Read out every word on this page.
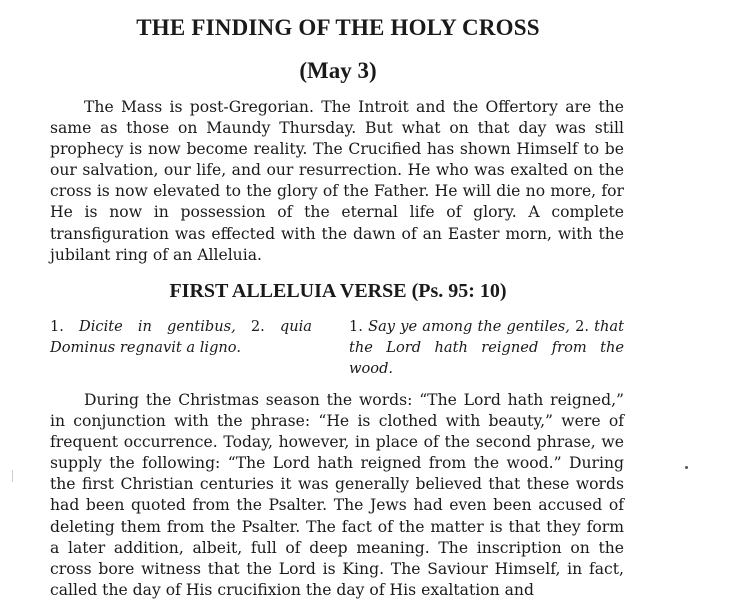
THE FINDING OF THE HOLY CROSS
(May 3)

The Mass is post-Gregorian. The Introit and the Offertory are the same as those on Maundy Thursday. But what on that day was still prophecy is now become reality. The Crucified has shown Himself to be our salvation, our life, and our resurrection. He who was exalted on the cross is now elevated to the glory of the Father. He will die no more, for He is now in possession of the eternal life of glory. A complete transfiguration was effected with the dawn of an Easter morn, with the jubilant ring of an Alleluia.

FIRST ALLELUIA VERSE (Ps. 95: 10)

1. Dicite in gentibus, 2. quia Dominus regnavit a ligno.

1. Say ye among the gentiles, 2. that the Lord hath reigned from the wood.

During the Christmas season the words: “The Lord hath reigned,” in conjunction with the phrase: “He is clothed with beauty,” were of frequent occurrence. Today, however, in place of the second phrase, we supply the following: “The Lord hath reigned from the wood.” During the first Christian centuries it was generally believed that these words had been quoted from the Psalter. The Jews had even been accused of deleting them from the Psalter. The fact of the matter is that they form a later addition, albeit, full of deep meaning. The inscription on the cross bore witness that the Lord is King. The Saviour Himself, in fact, called the day of His crucifixion the day of His exaltation and
